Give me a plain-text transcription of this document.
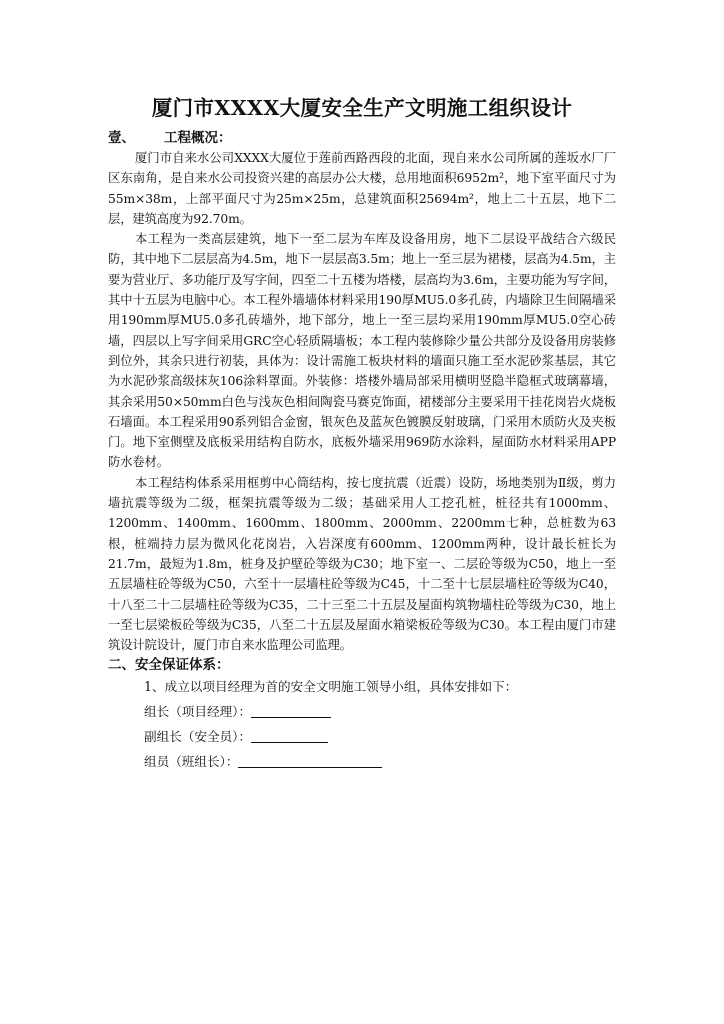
厦门市XXXX大厦安全生产文明施工组织设计
壹、 工程概况：

厦门市自来水公司XXXX大厦位于莲前西路西段的北面，现自来水公司所属的莲坂水厂厂区东南角，是自来水公司投资兴建的高层办公大楼，总用地面积6952m²，地下室平面尺寸为55m×38m，上部平面尺寸为25m×25m，总建筑面积25694m²，地上二十五层，地下二层，建筑高度为92.70m。

本工程为一类高层建筑，地下一至二层为车库及设备用房，地下二层设平战结合六级民防，其中地下二层层高为4.5m，地下一层层高3.5m；地上一至三层为裙楼，层高为4.5m，主要为营业厅、多功能厅及写字间，四至二十五楼为塔楼，层高均为3.6m，主要功能为写字间，其中十五层为电脑中心。本工程外墙墙体材料采用190厚MU5.0多孔砖，内墙除卫生间隔墙采用190mm厚MU5.0多孔砖墙外，地下部分，地上一至三层均采用190mm厚MU5.0空心砖墙，四层以上写字间采用GRC空心轻质隔墙板；本工程内装修除少量公共部分及设备用房装修到位外，其余只进行初装，具体为：设计需施工板块材料的墙面只施工至水泥砂浆基层，其它为水泥砂浆高级抹灰106涂料罩面。外装修：塔楼外墙局部采用横明竖隐半隐框式玻璃幕墙，其余采用50×50mm白色与浅灰色相间陶瓷马赛克饰面，裙楼部分主要采用干挂花岗岩火烧板石墙面。本工程采用90系列铝合金窗，银灰色及蓝灰色镀膜反射玻璃，门采用木质防火及夹板门。地下室侧壁及底板采用结构自防水，底板外墙采用969防水涂料，屋面防水材料采用APP防水卷材。

本工程结构体系采用框剪中心筒结构，按七度抗震（近震）设防，场地类别为Ⅱ级，剪力墙抗震等级为二级，框架抗震等级为二级；基础采用人工挖孔桩，桩径共有1000mm、1200mm、1400mm、1600mm、1800mm、2000mm、2200mm七种，总桩数为63根，桩端持力层为微风化花岗岩，入岩深度有600mm、1200mm两种，设计最长桩长为21.7m，最短为1.8m，桩身及护壁砼等级为C30；地下室一、二层砼等级为C50，地上一至五层墙柱砼等级为C50，六至十一层墙柱砼等级为C45，十二至十七层层墙柱砼等级为C40，十八至二十二层墙柱砼等级为C35，二十三至二十五层及屋面构筑物墙柱砼等级为C30，地上一至七层梁板砼等级为C35，八至二十五层及屋面水箱梁板砼等级为C30。本工程由厦门市建筑设计院设计，厦门市自来水监理公司监理。

二、安全保证体系：

1、成立以项目经理为首的安全文明施工领导小组，具体安排如下：

组长（项目经理）：
副组长（安全员）：
组员（班组长）：
